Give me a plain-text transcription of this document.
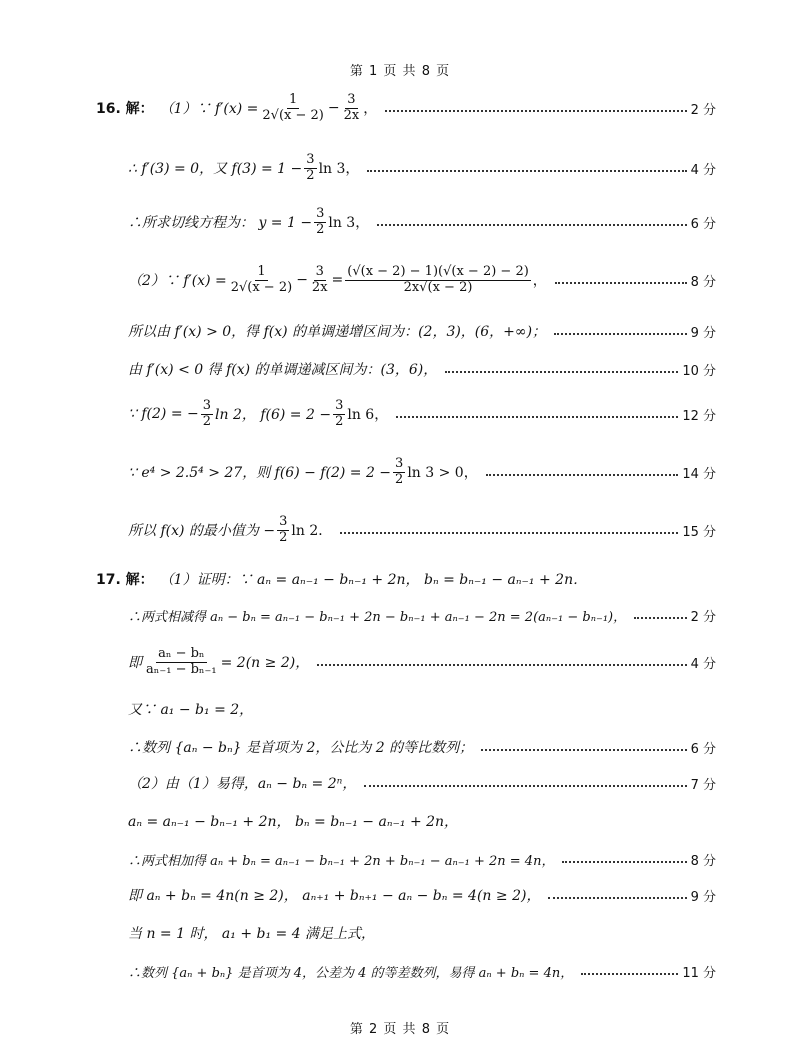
第 1 页 共 8 页
16. 解： （1）∵ $f'(x) = \frac{1}{2√(x - 2)} - \frac{3}{2x}$ ，	2 分
∴ f′(3) = 0，又 $f(3) = 1 - \frac{3}{2}$ ln 3，	4 分
∴所求切线方程为： $y = 1 - \frac{3}{2}$ ln 3，	6 分
（2）∵ $f'(x) = \frac{1}{2√(x - 2)} - \frac{3}{2x} = \frac{(√(x - 2) - 1)(√(x - 2) - 2)}{2x√(x - 2)}$ ，	8 分
所以由 f′(x) > 0，得 f(x) 的单调递增区间为：(2，3)，(6，+∞)；	9 分
由 f′(x) < 0 得 f(x) 的单调递减区间为：(3，6)，	10 分
∵ f(2) = − $\frac{3}{2}$ ln 2， $f(6) = 2 - \frac{3}{2}$ ln 6，	12 分
∵ e⁴ > 2.5⁴ > 27，则 $f(6) - f(2) = 2 - \frac{3}{2}$ ln 3 > 0，	14 分
所以 f(x) 的最小值为 − $\frac{3}{2}$ ln 2．	15 分
17. 解： （1）证明：∵ aₙ = aₙ₋₁ − bₙ₋₁ + 2n， bₙ = bₙ₋₁ − aₙ₋₁ + 2n．
∴两式相减得 aₙ − bₙ = aₙ₋₁ − bₙ₋₁ + 2n − bₙ₋₁ + aₙ₋₁ − 2n = 2(aₙ₋₁ − bₙ₋₁)，	2 分
即 $\frac{\text{aₙ − bₙ}}{\text{aₙ₋₁ − bₙ₋₁}} = 2(n \ge 2)$，	4 分
又∵ a₁ − b₁ = 2，
∴数列 {aₙ − bₙ} 是首项为 2，公比为 2 的等比数列；	6 分
（2）由（1）易得，aₙ − bₙ = 2ⁿ，	7 分
aₙ = aₙ₋₁ − bₙ₋₁ + 2n， bₙ = bₙ₋₁ − aₙ₋₁ + 2n，
∴两式相加得 aₙ + bₙ = aₙ₋₁ − bₙ₋₁ + 2n + bₙ₋₁ − aₙ₋₁ + 2n = 4n，	8 分
即 aₙ + bₙ = 4n(n ≥ 2)， aₙ₊₁ + bₙ₊₁ − aₙ − bₙ = 4(n ≥ 2)，	9 分
当 n = 1 时， a₁ + b₁ = 4 满足上式，
∴数列 {aₙ + bₙ} 是首项为 4，公差为 4 的等差数列，易得 aₙ + bₙ = 4n，	11 分
第 2 页 共 8 页
